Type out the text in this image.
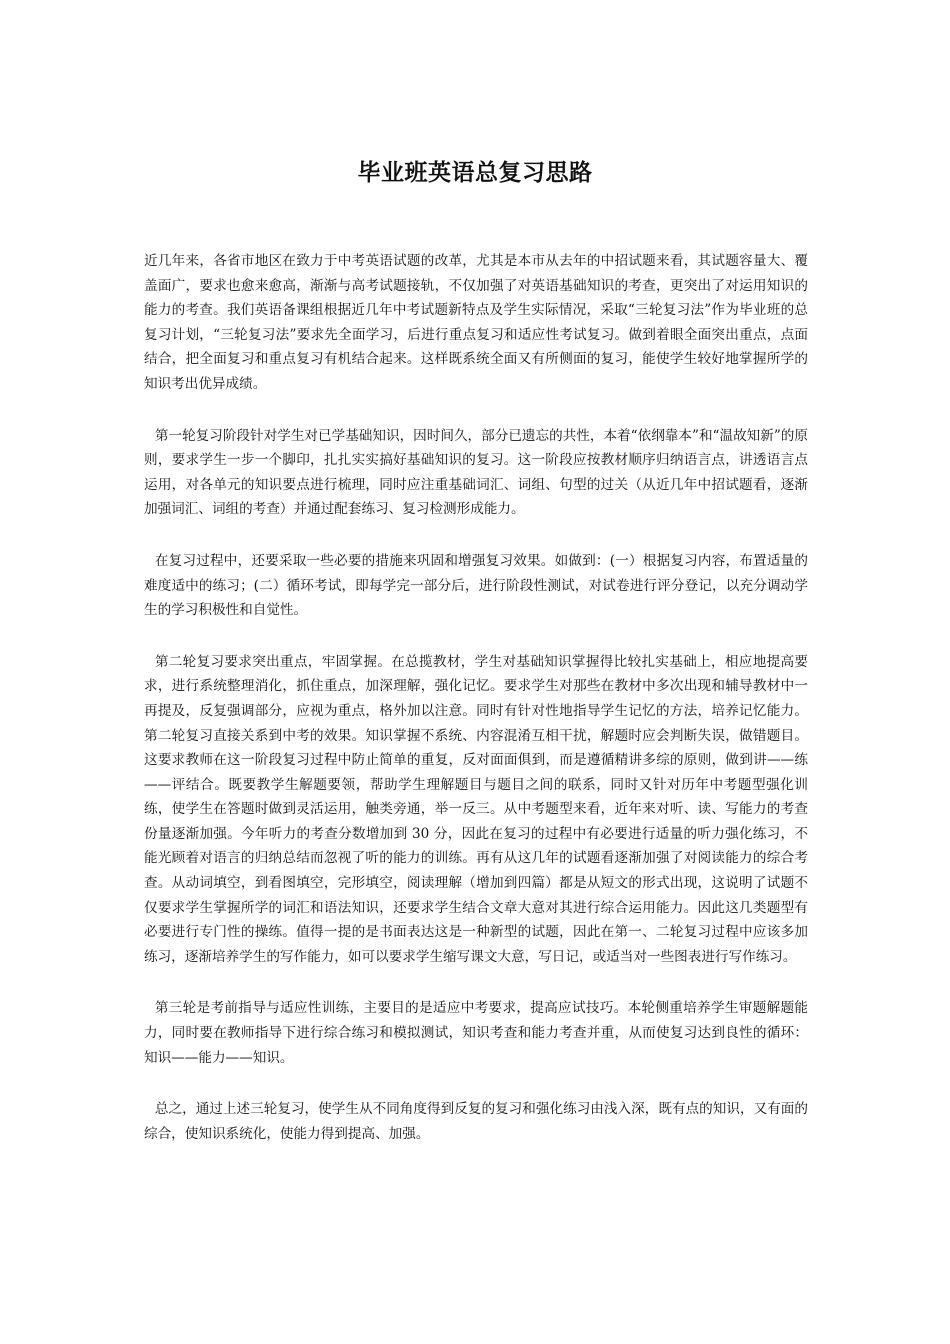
毕业班英语总复习思路

近几年来，各省市地区在致力于中考英语试题的改革，尤其是本市从去年的中招试题来看，其试题容量大、覆盖面广，要求也愈来愈高，渐渐与高考试题接轨，不仅加强了对英语基础知识的考查，更突出了对运用知识的能力的考查。我们英语备课组根据近几年中考试题新特点及学生实际情况，采取“三轮复习法”作为毕业班的总复习计划，“三轮复习法”要求先全面学习，后进行重点复习和适应性考试复习。做到着眼全面突出重点，点面结合，把全面复习和重点复习有机结合起来。这样既系统全面又有所侧面的复习，能使学生较好地掌握所学的知识考出优异成绩。

第一轮复习阶段针对学生对已学基础知识，因时间久，部分已遗忘的共性，本着“依纲靠本”和“温故知新”的原则，要求学生一步一个脚印，扎扎实实搞好基础知识的复习。这一阶段应按教材顺序归纳语言点，讲透语言点运用，对各单元的知识要点进行梳理，同时应注重基础词汇、词组、句型的过关（从近几年中招试题看，逐渐加强词汇、词组的考查）并通过配套练习、复习检测形成能力。

在复习过程中，还要采取一些必要的措施来巩固和增强复习效果。如做到：(一）根据复习内容，布置适量的难度适中的练习；(二）循环考试，即每学完一部分后，进行阶段性测试，对试卷进行评分登记，以充分调动学生的学习积极性和自觉性。

第二轮复习要求突出重点，牢固掌握。在总揽教材，学生对基础知识掌握得比较扎实基础上，相应地提高要求，进行系统整理消化，抓住重点，加深理解，强化记忆。要求学生对那些在教材中多次出现和辅导教材中一再提及，反复强调部分，应视为重点，格外加以注意。同时有针对性地指导学生记忆的方法，培养记忆能力。第二轮复习直接关系到中考的效果。知识掌握不系统、内容混淆互相干扰，解题时应会判断失误，做错题目。这要求教师在这一阶段复习过程中防止简单的重复，反对面面俱到，而是遵循精讲多综的原则，做到讲——练——评结合。既要教学生解题要领，帮助学生理解题目与题目之间的联系，同时又针对历年中考题型强化训练，使学生在答题时做到灵活运用，触类旁通，举一反三。从中考题型来看，近年来对听、读、写能力的考查份量逐渐加强。今年听力的考查分数增加到 30 分，因此在复习的过程中有必要进行适量的听力强化练习，不能光顾着对语言的归纳总结而忽视了听的能力的训练。再有从这几年的试题看逐渐加强了对阅读能力的综合考查。从动词填空，到看图填空，完形填空，阅读理解（增加到四篇）都是从短文的形式出现，这说明了试题不仅要求学生掌握所学的词汇和语法知识，还要求学生结合文章大意对其进行综合运用能力。因此这几类题型有必要进行专门性的操练。值得一提的是书面表达这是一种新型的试题，因此在第一、二轮复习过程中应该多加练习，逐渐培养学生的写作能力，如可以要求学生缩写课文大意，写日记，或适当对一些图表进行写作练习。

第三轮是考前指导与适应性训练，主要目的是适应中考要求，提高应试技巧。本轮侧重培养学生审题解题能力，同时要在教师指导下进行综合练习和模拟测试，知识考查和能力考查并重，从而使复习达到良性的循环：知识——能力——知识。

总之，通过上述三轮复习，使学生从不同角度得到反复的复习和强化练习由浅入深，既有点的知识，又有面的综合，使知识系统化，使能力得到提高、加强。
